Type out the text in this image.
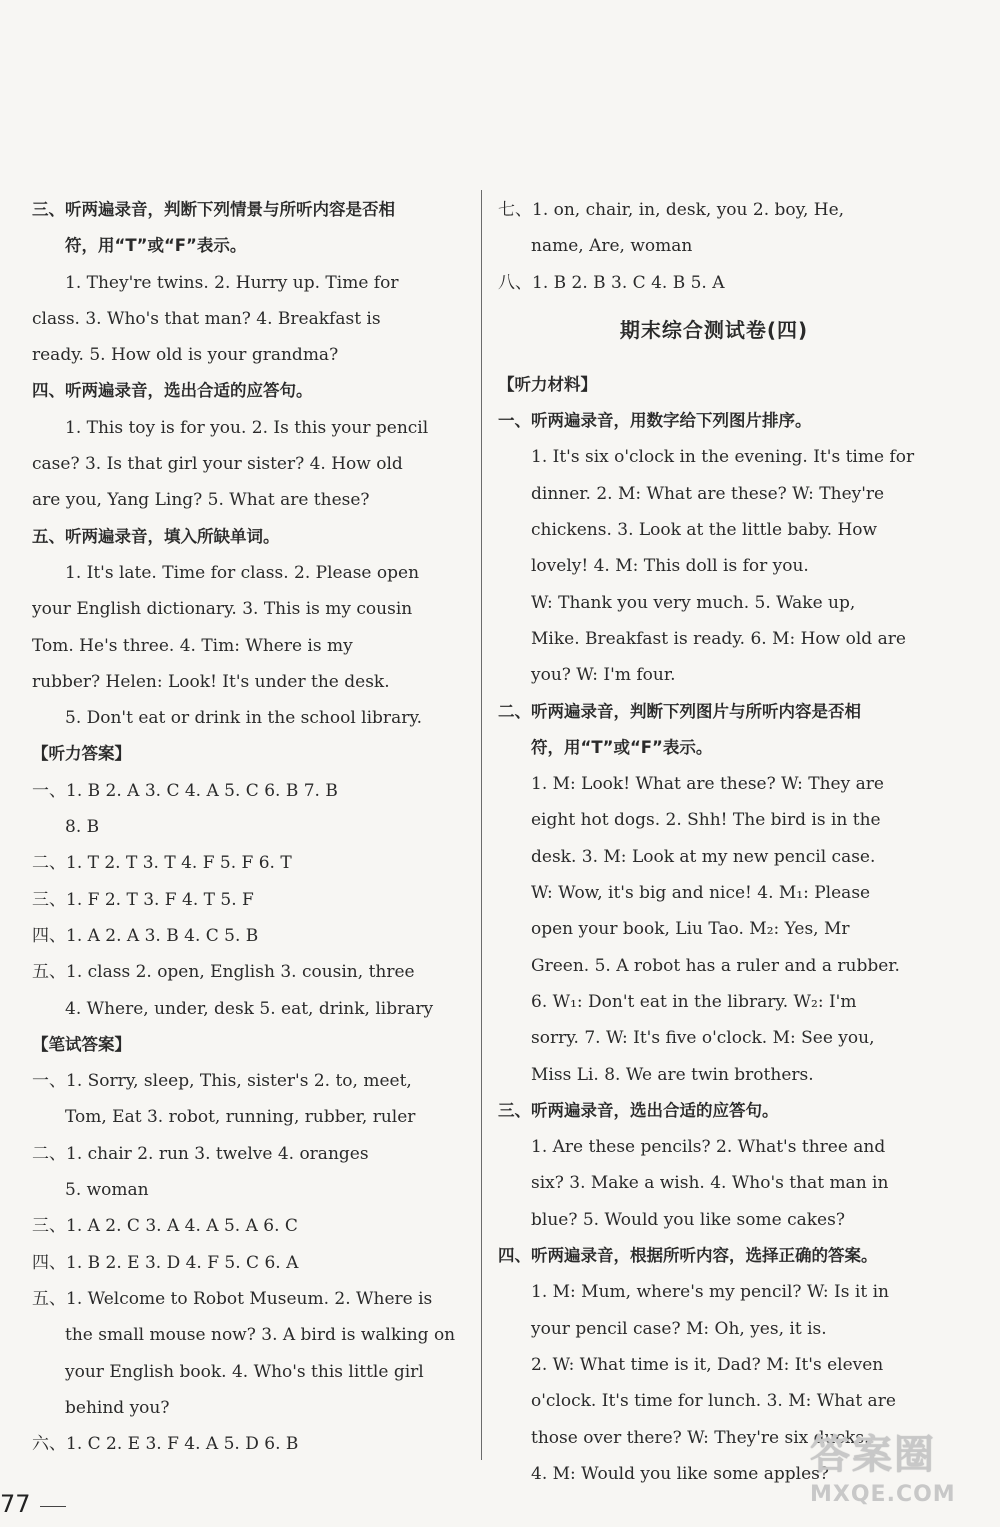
三、听两遍录音，判断下列情景与所听内容是否相
符，用“T”或“F”表示。
1. They're twins. 2. Hurry up. Time for
class. 3. Who's that man? 4. Breakfast is
ready. 5. How old is your grandma?
四、听两遍录音，选出合适的应答句。
1. This toy is for you. 2. Is this your pencil
case? 3. Is that girl your sister? 4. How old
are you, Yang Ling? 5. What are these?
五、听两遍录音，填入所缺单词。
1. It's late. Time for class. 2. Please open
your English dictionary. 3. This is my cousin
Tom. He's three. 4. Tim: Where is my
rubber? Helen: Look! It's under the desk.
5. Don't eat or drink in the school library.
【听力答案】
一、1. B 2. A 3. C 4. A 5. C 6. B 7. B
8. B
二、1. T 2. T 3. T 4. F 5. F 6. T
三、1. F 2. T 3. F 4. T 5. F
四、1. A 2. A 3. B 4. C 5. B
五、1. class 2. open, English 3. cousin, three
4. Where, under, desk 5. eat, drink, library
【笔试答案】
一、1. Sorry, sleep, This, sister's 2. to, meet,
Tom, Eat 3. robot, running, rubber, ruler
二、1. chair 2. run 3. twelve 4. oranges
5. woman
三、1. A 2. C 3. A 4. A 5. A 6. C
四、1. B 2. E 3. D 4. F 5. C 6. A
五、1. Welcome to Robot Museum. 2. Where is
the small mouse now? 3. A bird is walking on
your English book. 4. Who's this little girl
behind you?
六、1. C 2. E 3. F 4. A 5. D 6. B
七、1. on, chair, in, desk, you 2. boy, He,
name, Are, woman
八、1. B 2. B 3. C 4. B 5. A
期末综合测试卷(四)
【听力材料】
一、听两遍录音，用数字给下列图片排序。
1. It's six o'clock in the evening. It's time for
dinner. 2. M: What are these? W: They're
chickens. 3. Look at the little baby. How
lovely! 4. M: This doll is for you.
W: Thank you very much. 5. Wake up,
Mike. Breakfast is ready. 6. M: How old are
you? W: I'm four.
二、听两遍录音，判断下列图片与所听内容是否相
符，用“T”或“F”表示。
1. M: Look! What are these? W: They are
eight hot dogs. 2. Shh! The bird is in the
desk. 3. M: Look at my new pencil case.
W: Wow, it's big and nice! 4. M₁: Please
open your book, Liu Tao. M₂: Yes, Mr
Green. 5. A robot has a ruler and a rubber.
6. W₁: Don't eat in the library. W₂: I'm
sorry. 7. W: It's five o'clock. M: See you,
Miss Li. 8. We are twin brothers.
三、听两遍录音，选出合适的应答句。
1. Are these pencils? 2. What's three and
six? 3. Make a wish. 4. Who's that man in
blue? 5. Would you like some cakes?
四、听两遍录音，根据所听内容，选择正确的答案。
1. M: Mum, where's my pencil? W: Is it in
your pencil case? M: Oh, yes, it is.
2. W: What time is it, Dad? M: It's eleven
o'clock. It's time for lunch. 3. M: What are
those over there? W: They're six ducks.
4. M: Would you like some apples?
77
答案圈
MXQE.COM
